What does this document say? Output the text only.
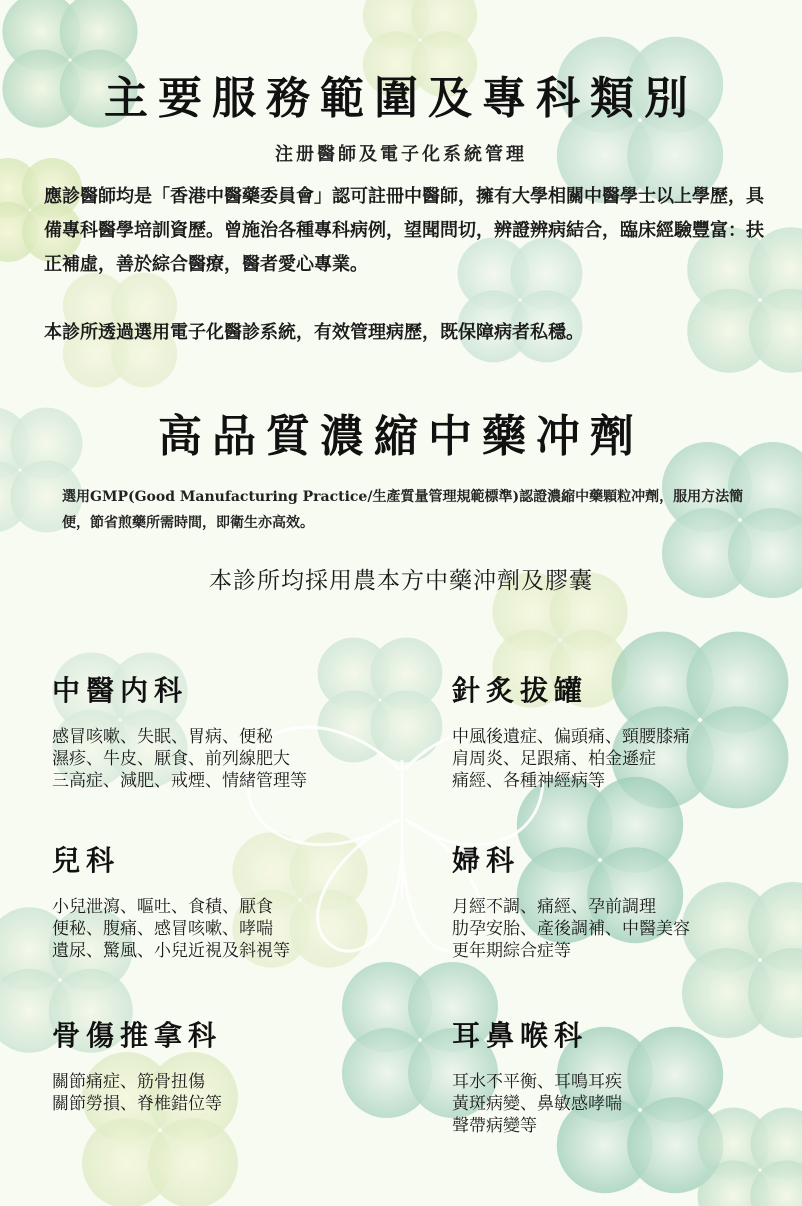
主要服務範圍及專科類別
注册醫師及電子化系統管理
應診醫師均是「香港中醫藥委員會」認可註冊中醫師，擁有大學相關中醫學士以上學歷，具備專科醫學培訓資歷。曾施治各種專科病例，望聞問切，辨證辨病結合，臨床經驗豐富：扶正補虛，善於綜合醫療，醫者愛心專業。
本診所透過選用電子化醫診系統，有效管理病歷，既保障病者私穩。
高品質濃縮中藥冲劑
選用GMP(Good Manufacturing Practice/生產質量管理規範標準)認證濃縮中藥顆粒冲劑，服用方法簡便，節省煎藥所需時間，即衛生亦高效。
本診所均採用農本方中藥沖劑及膠囊
中醫内科
感冒咳嗽、失眠、胃病、便秘
濕疹、牛皮、厭食、前列線肥大
三高症、減肥、戒煙、情緒管理等
針炙拔罐
中風後遺症、偏頭痛、頸腰膝痛
肩周炎、足跟痛、柏金遜症
痛經、各種神經病等
兒科
小兒泄瀉、嘔吐、食積、厭食
便秘、腹痛、感冒咳嗽、哮喘
遺尿、驚風、小兒近視及斜視等
婦科
月經不調、痛經、孕前調理
肋孕安胎、產後調補、中醫美容
更年期綜合症等
骨傷推拿科
關節痛症、筋骨扭傷
關節勞損、脊椎錯位等
耳鼻喉科
耳水不平衡、耳鳴耳疾
黃斑病變、鼻敏感哮喘
聲帶病變等
